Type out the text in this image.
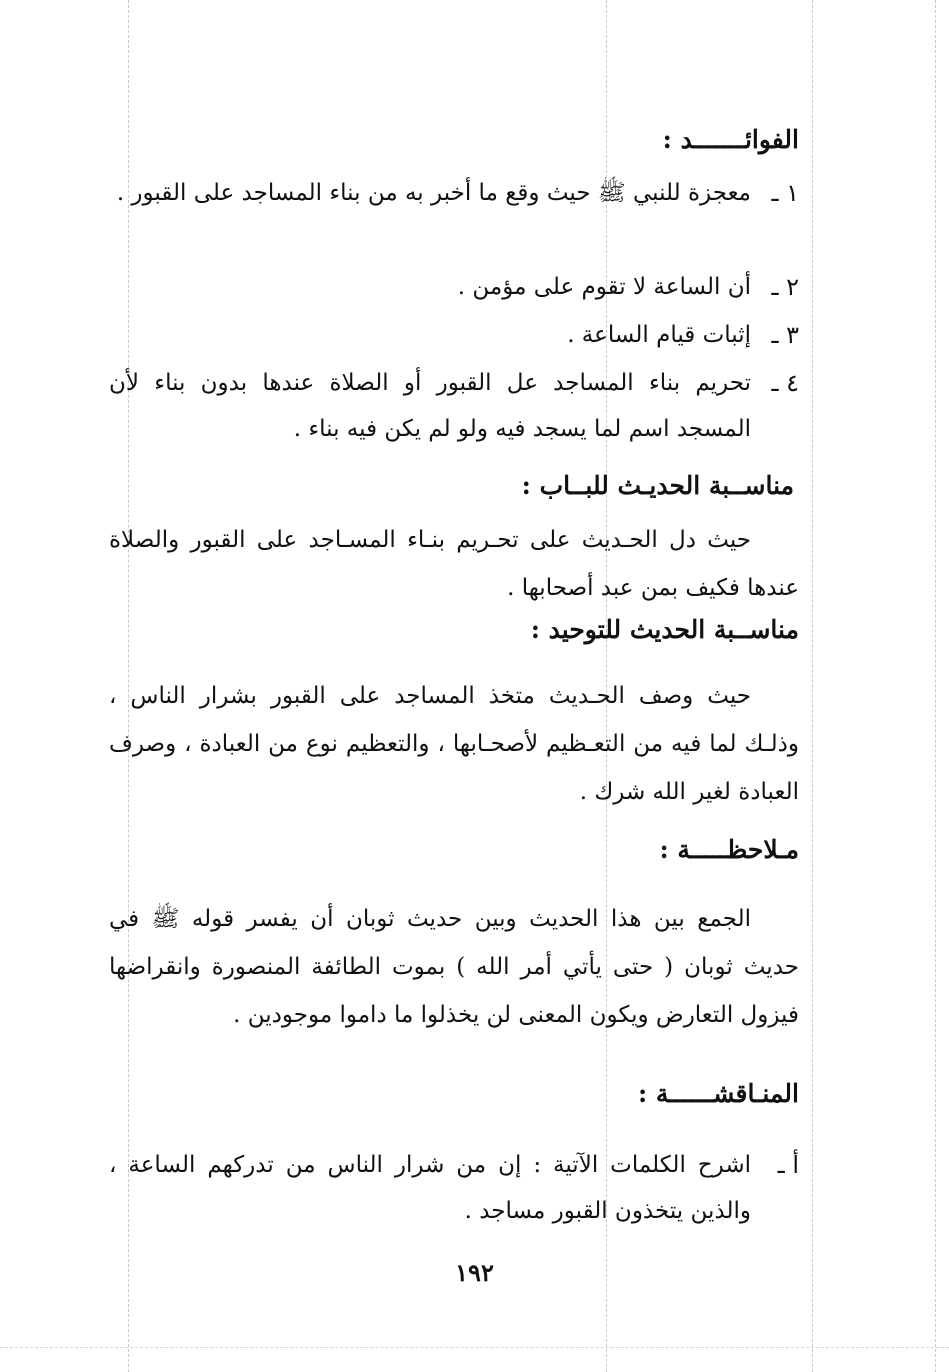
الفوائـــــــد :
١ ـ
معجزة للنبي ﷺ حيث وقع ما أخبر به من بناء المساجد على القبور .
٢ ـ
أن الساعة لا تقوم على مؤمن .
٣ ـ
إثبات قيام الساعة .
٤ ـ
تحريم بناء المساجد عل القبور أو الصلاة عندها بدون بناء لأن المسجد اسم لما يسجد فيه ولو لم يكن فيه بناء .
مناســبة الحديـث للبــاب :
حيث دل الحـديث على تحـريم بنـاء المسـاجد على القبور والصلاة عندها فكيف بمن عبد أصحابها .
مناســبة الحديث للتوحيد :
حيث وصف الحـديث متخذ المساجد على القبور بشرار الناس ، وذلـك لما فيه من التعـظيم لأصحـابها ، والتعظيم نوع من العبادة ، وصرف العبادة لغير الله شرك .
مـلاحظـــــة :
الجمع بين هذا الحديث وبين حديث ثوبان أن يفسر قوله ﷺ في حديث ثوبان ( حتى يأتي أمر الله ) بموت الطائفة المنصورة وانقراضها فيزول التعارض ويكون المعنى لن يخذلوا ما داموا موجودين .
المنـاقشــــــة :
أ ـ
اشرح الكلمات الآتية : إن من شرار الناس من تدركهم الساعة ، والذين يتخذون القبور مساجد .
١٩٢
